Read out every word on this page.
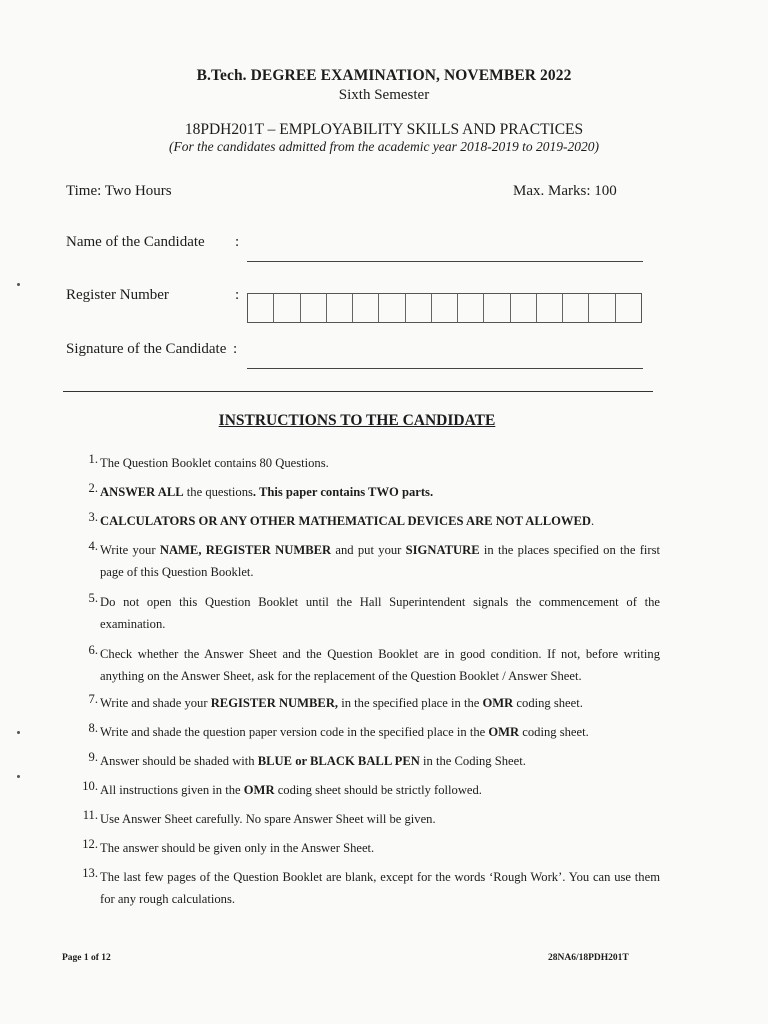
B.Tech. DEGREE EXAMINATION, NOVEMBER 2022
Sixth Semester
18PDH201T – EMPLOYABILITY SKILLS AND PRACTICES
(For the candidates admitted from the academic year 2018-2019 to 2019-2020)
Time: Two Hours	Max. Marks: 100
Name of the Candidate :
Register Number	:
Signature of the Candidate :
INSTRUCTIONS TO THE CANDIDATE
1. The Question Booklet contains 80 Questions.
2. ANSWER ALL the questions. This paper contains TWO parts.
3. CALCULATORS OR ANY OTHER MATHEMATICAL DEVICES ARE NOT ALLOWED.
4. Write your NAME, REGISTER NUMBER and put your SIGNATURE in the places specified on the first page of this Question Booklet.
5. Do not open this Question Booklet until the Hall Superintendent signals the commencement of the examination.
6. Check whether the Answer Sheet and the Question Booklet are in good condition. If not, before writing anything on the Answer Sheet, ask for the replacement of the Question Booklet / Answer Sheet.
7. Write and shade your REGISTER NUMBER, in the specified place in the OMR coding sheet.
8. Write and shade the question paper version code in the specified place in the OMR coding sheet.
9. Answer should be shaded with BLUE or BLACK BALL PEN in the Coding Sheet.
10. All instructions given in the OMR coding sheet should be strictly followed.
11. Use Answer Sheet carefully. No spare Answer Sheet will be given.
12. The answer should be given only in the Answer Sheet.
13. The last few pages of the Question Booklet are blank, except for the words ‘Rough Work’. You can use them for any rough calculations.
Page 1 of 12	28NA6/18PDH201T
